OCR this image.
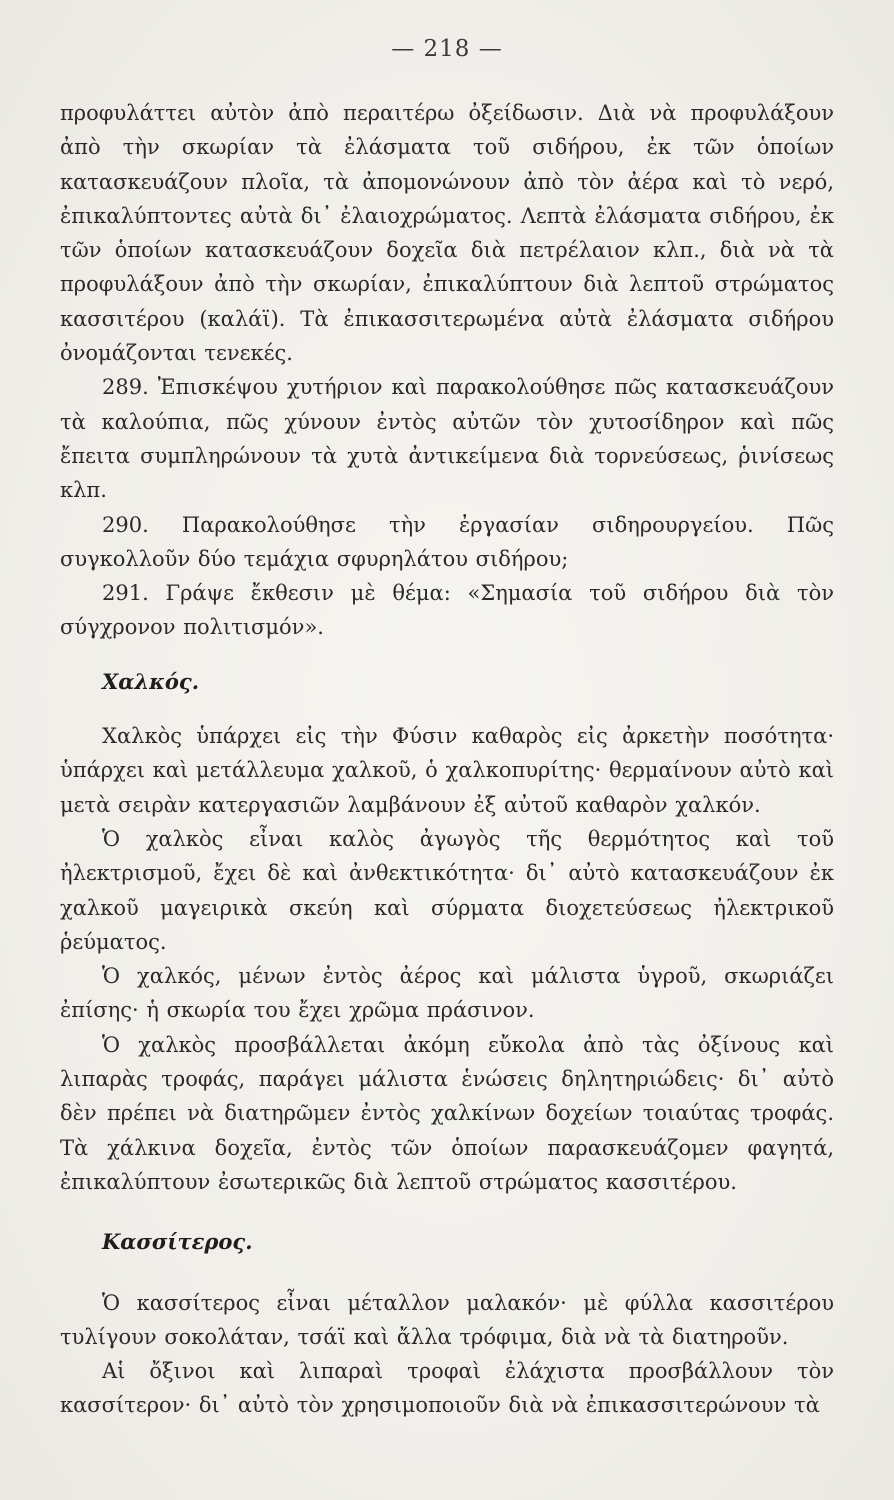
— 218 —

προφυλάττει αὐτὸν ἀπὸ περαιτέρω ὀξείδωσιν. Διὰ νὰ προφυλάξουν ἀπὸ τὴν σκωρίαν τὰ ἐλάσματα τοῦ σιδήρου, ἐκ τῶν ὁποίων κατασκευάζουν πλοῖα, τὰ ἀπομονώνουν ἀπὸ τὸν ἀέρα καὶ τὸ νερό, ἐπικαλύπτοντες αὐτὰ δι᾽ ἐλαιοχρώματος. Λεπτὰ ἐλάσματα σιδήρου, ἐκ τῶν ὁποίων κατασκευάζουν δοχεῖα διὰ πετρέλαιον κλπ., διὰ νὰ τὰ προφυλάξουν ἀπὸ τὴν σκωρίαν, ἐπικαλύπτουν διὰ λεπτοῦ στρώματος κασσιτέρου (καλάϊ). Τὰ ἐπικασσιτερωμένα αὐτὰ ἐλάσματα σιδήρου ὀνομάζονται τενεκές.

289. Ἐπισκέψου χυτήριον καὶ παρακολούθησε πῶς κατασκευάζουν τὰ καλούπια, πῶς χύνουν ἐντὸς αὐτῶν τὸν χυτοσίδηρον καὶ πῶς ἔπειτα συμπληρώνουν τὰ χυτὰ ἀντικείμενα διὰ τορνεύσεως, ῥινίσεως κλπ.

290. Παρακολούθησε τὴν ἐργασίαν σιδηρουργείου. Πῶς συγκολλοῦν δύο τεμάχια σφυρηλάτου σιδήρου;

291. Γράψε ἔκθεσιν μὲ θέμα: «Σημασία τοῦ σιδήρου διὰ τὸν σύγχρονον πολιτισμόν».

Χαλκός.

Χαλκὸς ὑπάρχει εἰς τὴν Φύσιν καθαρὸς εἰς ἀρκετὴν ποσότητα· ὑπάρχει καὶ μετάλλευμα χαλκοῦ, ὁ χαλκοπυρίτης· θερμαίνουν αὐτὸ καὶ μετὰ σειρὰν κατεργασιῶν λαμβάνουν ἐξ αὐτοῦ καθαρὸν χαλκόν.

Ὁ χαλκὸς εἶναι καλὸς ἀγωγὸς τῆς θερμότητος καὶ τοῦ ἠλεκτρισμοῦ, ἔχει δὲ καὶ ἀνθεκτικότητα· δι᾽ αὐτὸ κατασκευάζουν ἐκ χαλκοῦ μαγειρικὰ σκεύη καὶ σύρματα διοχετεύσεως ἠλεκτρικοῦ ῥεύματος.

Ὁ χαλκός, μένων ἐντὸς ἀέρος καὶ μάλιστα ὑγροῦ, σκωριάζει ἐπίσης· ἡ σκωρία του ἔχει χρῶμα πράσινον.

Ὁ χαλκὸς προσβάλλεται ἀκόμη εὔκολα ἀπὸ τὰς ὀξίνους καὶ λιπαρὰς τροφάς, παράγει μάλιστα ἑνώσεις δηλητηριώδεις· δι᾽ αὐτὸ δὲν πρέπει νὰ διατηρῶμεν ἐντὸς χαλκίνων δοχείων τοιαύτας τροφάς. Τὰ χάλκινα δοχεῖα, ἐντὸς τῶν ὁποίων παρασκευάζομεν φαγητά, ἐπικαλύπτουν ἐσωτερικῶς διὰ λεπτοῦ στρώματος κασσιτέρου.

Κασσίτερος.

Ὁ κασσίτερος εἶναι μέταλλον μαλακόν· μὲ φύλλα κασσιτέρου τυλίγουν σοκολάταν, τσάϊ καὶ ἄλλα τρόφιμα, διὰ νὰ τὰ διατηροῦν.

Αἱ ὄξινοι καὶ λιπαραὶ τροφαὶ ἐλάχιστα προσβάλλουν τὸν κασσίτερον· δι᾽ αὐτὸ τὸν χρησιμοποιοῦν διὰ νὰ ἐπικασσιτερώνουν τὰ
